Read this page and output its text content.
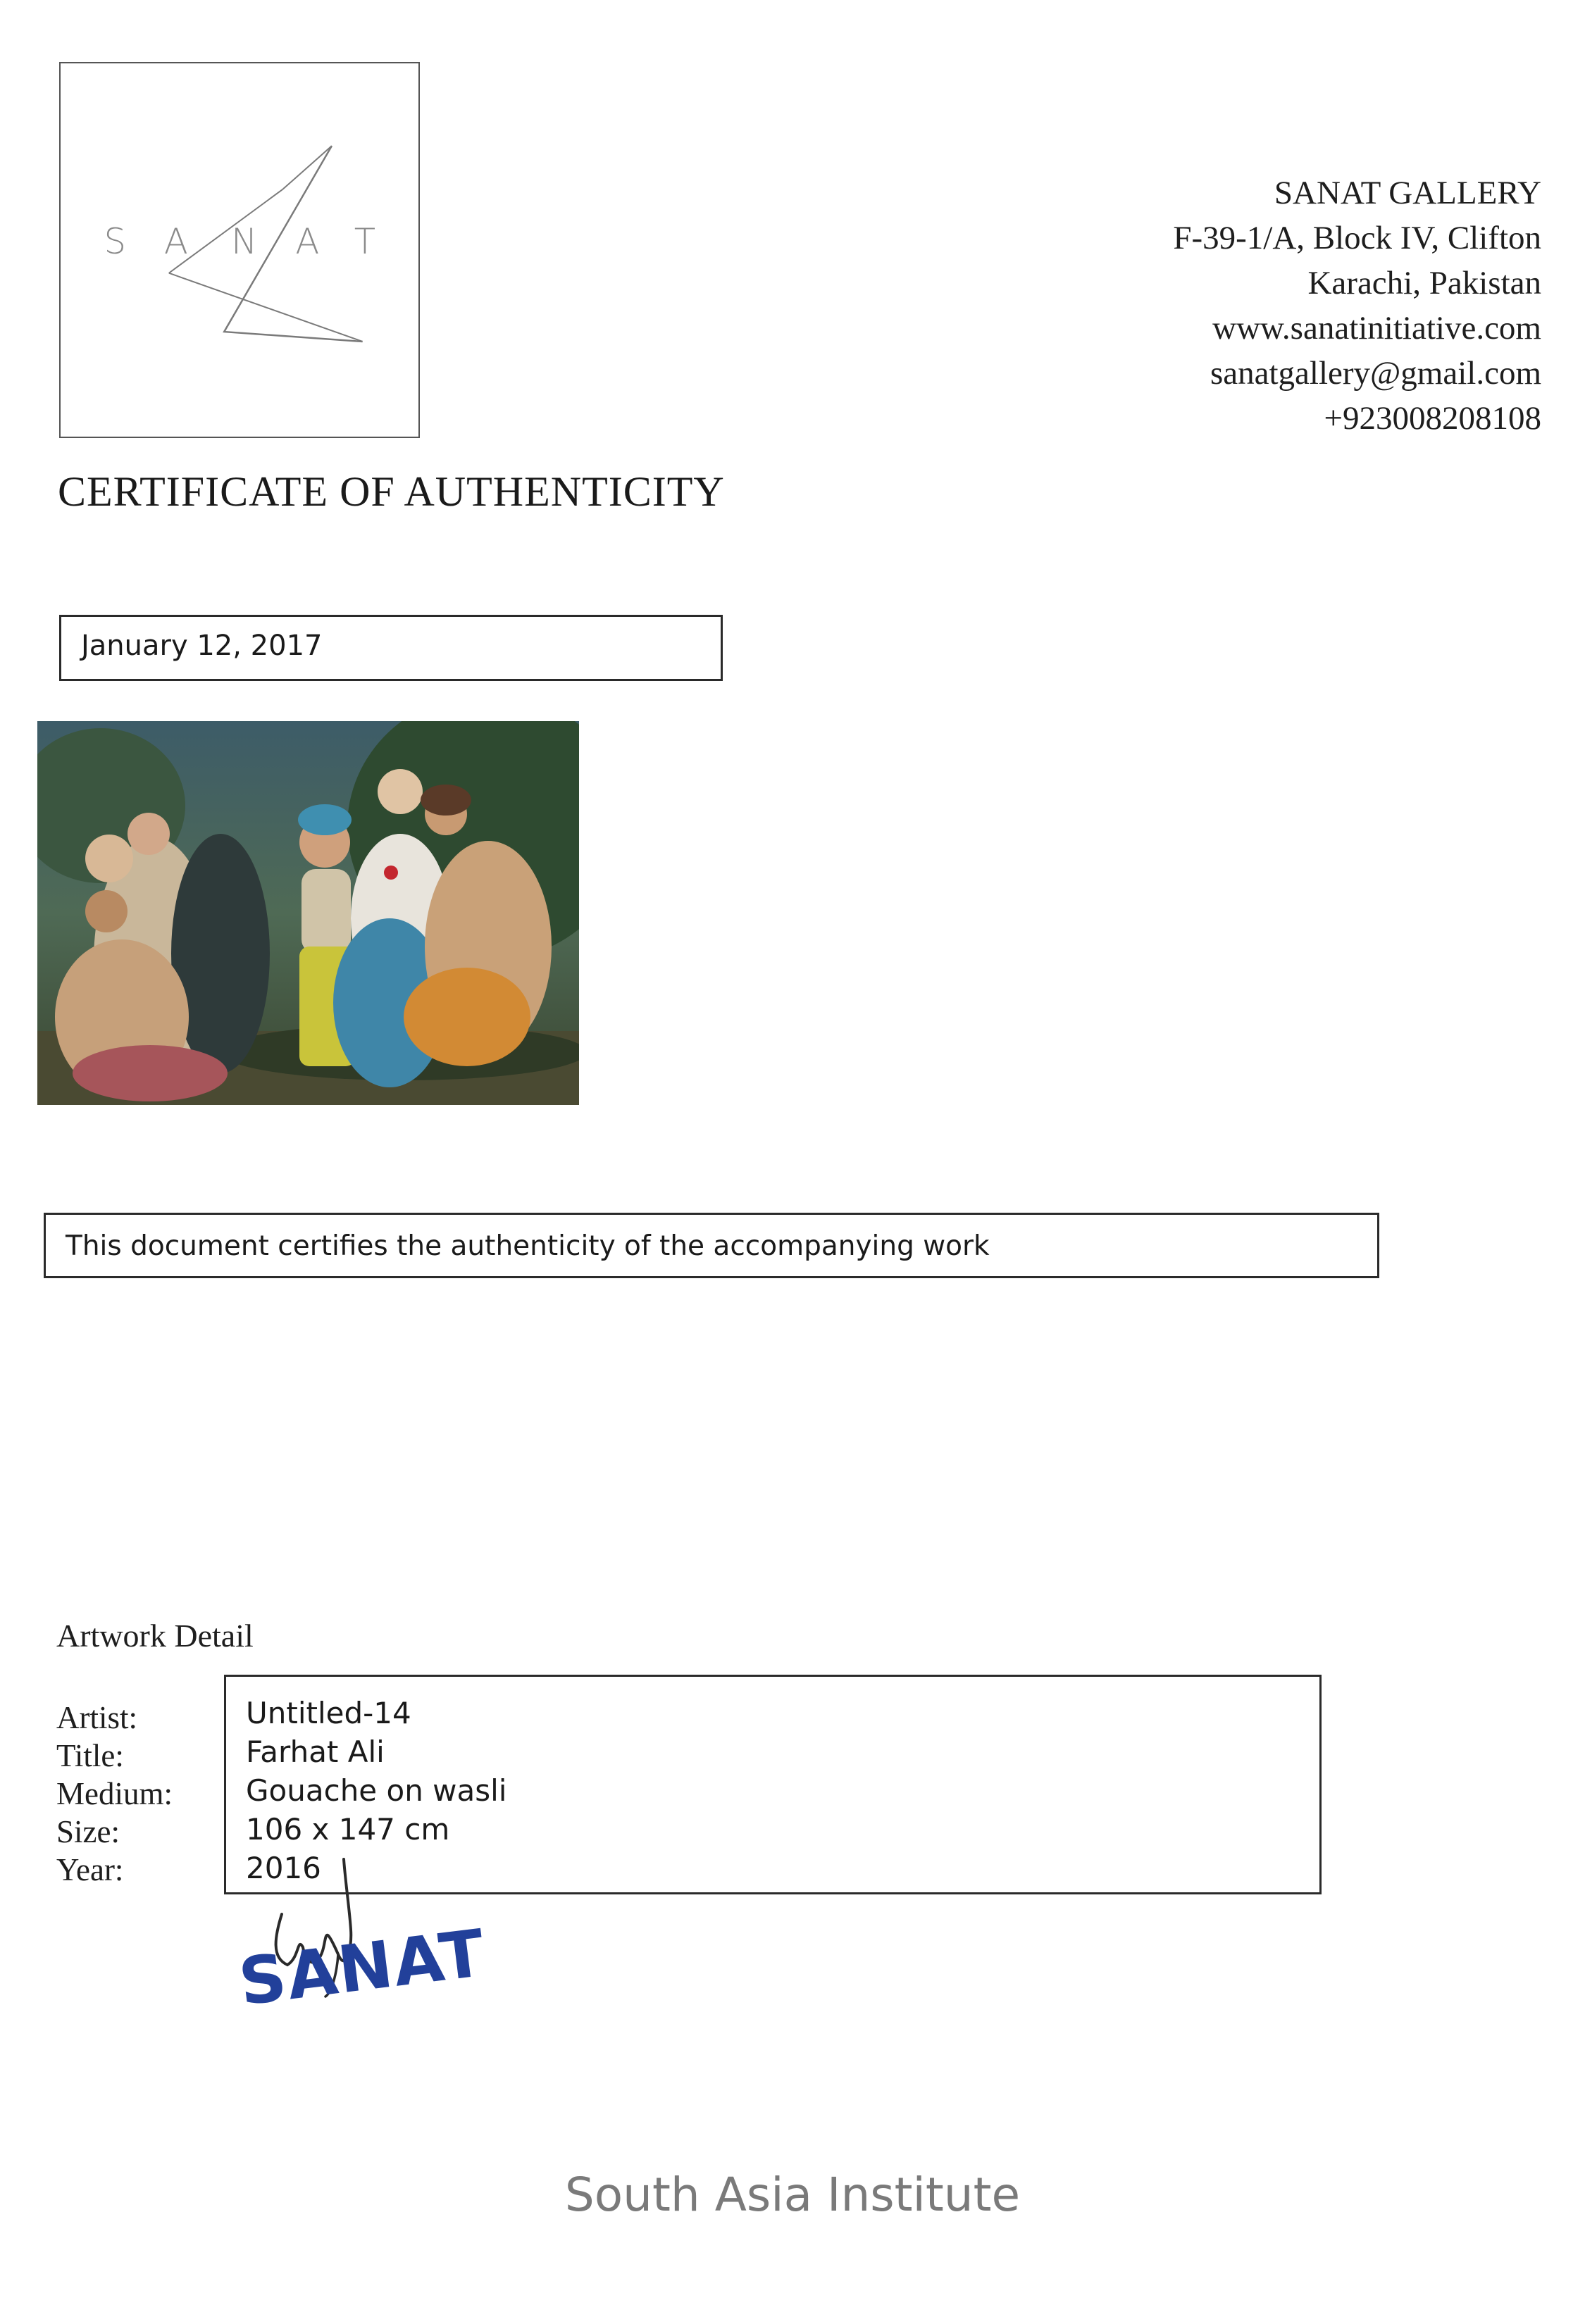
S A N A T
SANAT GALLERY
F-39-1/A, Block IV, Clifton
Karachi, Pakistan
www.sanatinitiative.com
sanatgallery@gmail.com
+923008208108
CERTIFICATE OF AUTHENTICITY
January 12, 2017
This document certifies the authenticity of the accompanying work
Artwork Detail
Artist:
Title:
Medium:
Size:
Year:
Untitled-14
Farhat Ali
Gouache on wasli
106 x 147 cm
2016
SANAT
South Asia Institute
